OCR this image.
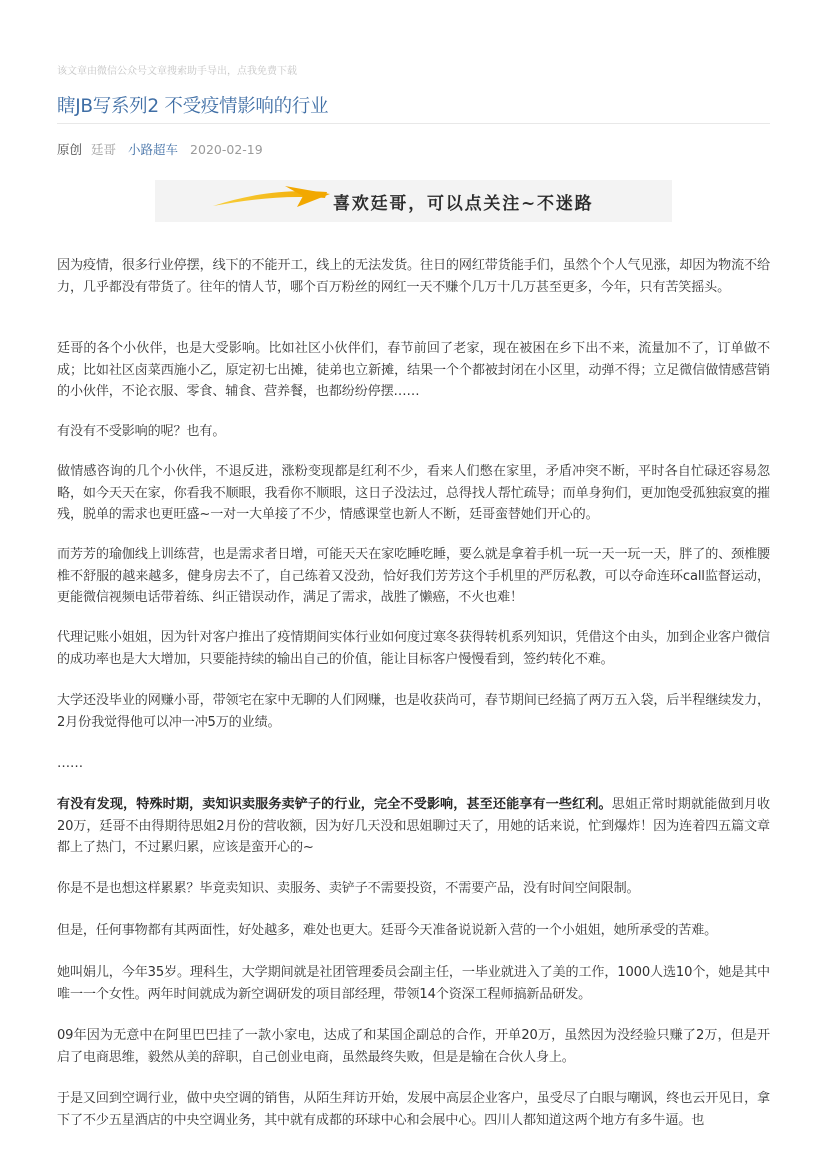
该文章由微信公众号文章搜索助手导出，点我免费下载
瞎JB写系列2 不受疫情影响的行业
原创 廷哥 小路超车 2020-02-19
喜欢廷哥，可以点关注~不迷路

因为疫情，很多行业停摆，线下的不能开工，线上的无法发货。往日的网红带货能手们，虽然个个人气见涨，却因为物流不给力，几乎都没有带货了。往年的情人节，哪个百万粉丝的网红一天不赚个几万十几万甚至更多，今年，只有苦笑摇头。

廷哥的各个小伙伴，也是大受影响。比如社区小伙伴们，春节前回了老家，现在被困在乡下出不来，流量加不了，订单做不成；比如社区卤菜西施小乙，原定初七出摊，徒弟也立新摊，结果一个个都被封闭在小区里，动弹不得；立足微信做情感营销的小伙伴，不论衣服、零食、辅食、营养餐，也都纷纷停摆……

有没有不受影响的呢？也有。

做情感咨询的几个小伙伴，不退反进，涨粉变现都是红利不少，看来人们憋在家里，矛盾冲突不断，平时各自忙碌还容易忽略，如今天天在家，你看我不顺眼，我看你不顺眼，这日子没法过，总得找人帮忙疏导；而单身狗们，更加饱受孤独寂寞的摧残，脱单的需求也更旺盛~一对一大单接了不少，情感课堂也新人不断，廷哥蛮替她们开心的。

而芳芳的瑜伽线上训练营，也是需求者日增，可能天天在家吃睡吃睡，要么就是拿着手机一玩一天一玩一天，胖了的、颈椎腰椎不舒服的越来越多，健身房去不了，自己练着又没劲，恰好我们芳芳这个手机里的严厉私教，可以夺命连环call监督运动，更能微信视频电话带着练、纠正错误动作，满足了需求，战胜了懒癌，不火也难！

代理记账小姐姐，因为针对客户推出了疫情期间实体行业如何度过寒冬获得转机系列知识，凭借这个由头，加到企业客户微信的成功率也是大大增加，只要能持续的输出自己的价值，能让目标客户慢慢看到，签约转化不难。

大学还没毕业的网赚小哥，带领宅在家中无聊的人们网赚，也是收获尚可，春节期间已经搞了两万五入袋，后半程继续发力，2月份我觉得他可以冲一冲5万的业绩。

……

有没有发现，特殊时期，卖知识卖服务卖铲子的行业，完全不受影响，甚至还能享有一些红利。思姐正常时期就能做到月收20万，廷哥不由得期待思姐2月份的营收额，因为好几天没和思姐聊过天了，用她的话来说，忙到爆炸！因为连着四五篇文章都上了热门，不过累归累，应该是蛮开心的~

你是不是也想这样累累？毕竟卖知识、卖服务、卖铲子不需要投资，不需要产品，没有时间空间限制。

但是，任何事物都有其两面性，好处越多，难处也更大。廷哥今天准备说说新入营的一个小姐姐，她所承受的苦难。

她叫娟儿，今年35岁。理科生，大学期间就是社团管理委员会副主任，一毕业就进入了美的工作，1000人选10个，她是其中唯一一个女性。两年时间就成为新空调研发的项目部经理，带领14个资深工程师搞新品研发。

09年因为无意中在阿里巴巴挂了一款小家电，达成了和某国企副总的合作，开单20万，虽然因为没经验只赚了2万，但是开启了电商思维，毅然从美的辞职，自己创业电商，虽然最终失败，但是是输在合伙人身上。

于是又回到空调行业，做中央空调的销售，从陌生拜访开始，发展中高层企业客户，虽受尽了白眼与嘲讽，终也云开见日，拿下了不少五星酒店的中央空调业务，其中就有成都的环球中心和会展中心。四川人都知道这两个地方有多牛逼。也
